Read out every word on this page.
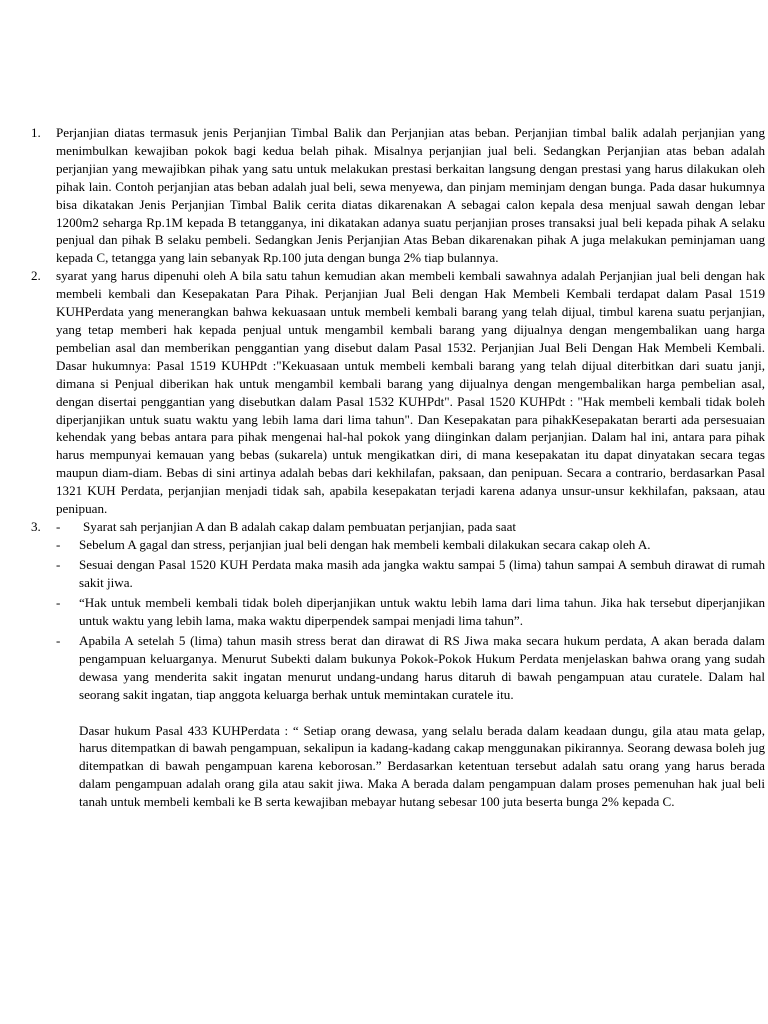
1. Perjanjian diatas termasuk jenis Perjanjian Timbal Balik dan Perjanjian atas beban. Perjanjian timbal balik adalah perjanjian yang menimbulkan kewajiban pokok bagi kedua belah pihak. Misalnya perjanjian jual beli. Sedangkan Perjanjian atas beban adalah perjanjian yang mewajibkan pihak yang satu untuk melakukan prestasi berkaitan langsung dengan prestasi yang harus dilakukan oleh pihak lain. Contoh perjanjian atas beban adalah jual beli, sewa menyewa, dan pinjam meminjam dengan bunga. Pada dasar hukumnya bisa dikatakan Jenis Perjanjian Timbal Balik cerita diatas dikarenakan A sebagai calon kepala desa menjual sawah dengan lebar 1200m2 seharga Rp.1M kepada B tetangganya, ini dikatakan adanya suatu perjanjian proses transaksi jual beli kepada pihak A selaku penjual dan pihak B selaku pembeli. Sedangkan Jenis Perjanjian Atas Beban dikarenakan pihak A juga melakukan peminjaman uang kepada C, tetangga yang lain sebanyak Rp.100 juta dengan bunga 2% tiap bulannya.
2. syarat yang harus dipenuhi oleh A bila satu tahun kemudian akan membeli kembali sawahnya adalah Perjanjian jual beli dengan hak membeli kembali dan Kesepakatan Para Pihak. Perjanjian Jual Beli dengan Hak Membeli Kembali terdapat dalam Pasal 1519 KUHPerdata yang menerangkan bahwa kekuasaan untuk membeli kembali barang yang telah dijual, timbul karena suatu perjanjian, yang tetap memberi hak kepada penjual untuk mengambil kembali barang yang dijualnya dengan mengembalikan uang harga pembelian asal dan memberikan penggantian yang disebut dalam Pasal 1532. Perjanjian Jual Beli Dengan Hak Membeli Kembali. Dasar hukumnya: Pasal 1519 KUHPdt :"Kekuasaan untuk membeli kembali barang yang telah dijual diterbitkan dari suatu janji, dimana si Penjual diberikan hak untuk mengambil kembali barang yang dijualnya dengan mengembalikan harga pembelian asal, dengan disertai penggantian yang disebutkan dalam Pasal 1532 KUHPdt". Pasal 1520 KUHPdt : "Hak membeli kembali tidak boleh diperjanjikan untuk suatu waktu yang lebih lama dari lima tahun". Dan Kesepakatan para pihakKesepakatan berarti ada persesuaian kehendak yang bebas antara para pihak mengenai hal-hal pokok yang diinginkan dalam perjanjian. Dalam hal ini, antara para pihak harus mempunyai kemauan yang bebas (sukarela) untuk mengikatkan diri, di mana kesepakatan itu dapat dinyatakan secara tegas maupun diam-diam. Bebas di sini artinya adalah bebas dari kekhilafan, paksaan, dan penipuan. Secara a contrario, berdasarkan Pasal 1321 KUH Perdata, perjanjian menjadi tidak sah, apabila kesepakatan terjadi karena adanya unsur-unsur kekhilafan, paksaan, atau penipuan.
3. - Syarat sah perjanjian A dan B adalah cakap dalam pembuatan perjanjian, pada saat
- Sebelum A gagal dan stress, perjanjian jual beli dengan hak membeli kembali dilakukan secara cakap oleh A.
- Sesuai dengan Pasal 1520 KUH Perdata maka masih ada jangka waktu sampai 5 (lima) tahun sampai A sembuh dirawat di rumah sakit jiwa.
- “Hak untuk membeli kembali tidak boleh diperjanjikan untuk waktu lebih lama dari lima tahun. Jika hak tersebut diperjanjikan untuk waktu yang lebih lama, maka waktu diperpendek sampai menjadi lima tahun”.
- Apabila A setelah 5 (lima) tahun masih stress berat dan dirawat di RS Jiwa maka secara hukum perdata, A akan berada dalam pengampuan keluarganya. Menurut Subekti dalam bukunya Pokok-Pokok Hukum Perdata menjelaskan bahwa orang yang sudah dewasa yang menderita sakit ingatan menurut undang-undang harus ditaruh di bawah pengampuan atau curatele. Dalam hal seorang sakit ingatan, tiap anggota keluarga berhak untuk memintakan curatele itu.
Dasar hukum Pasal 433 KUHPerdata : “ Setiap orang dewasa, yang selalu berada dalam keadaan dungu, gila atau mata gelap, harus ditempatkan di bawah pengampuan, sekalipun ia kadang-kadang cakap menggunakan pikirannya. Seorang dewasa boleh jug ditempatkan di bawah pengampuan karena keborosan.” Berdasarkan ketentuan tersebut adalah satu orang yang harus berada dalam pengampuan adalah orang gila atau sakit jiwa. Maka A berada dalam pengampuan dalam proses pemenuhan hak jual beli tanah untuk membeli kembali ke B serta kewajiban mebayar hutang sebesar 100 juta beserta bunga 2% kepada C.
